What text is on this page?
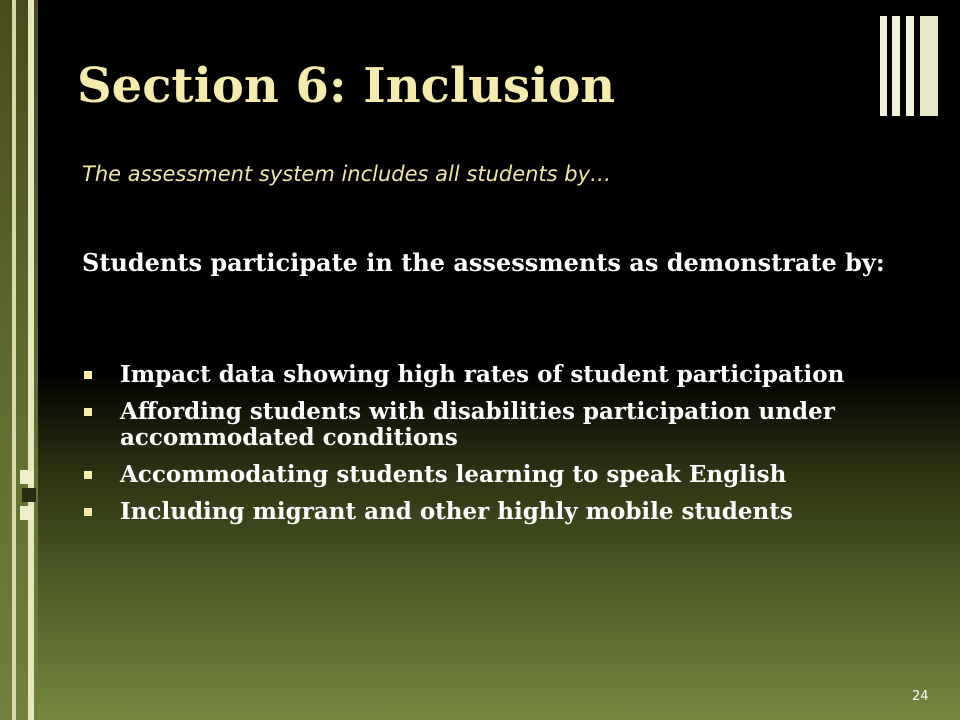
Section 6: Inclusion

The assessment system includes all students by…

Students participate in the assessments as demonstrate by:

Impact data showing high rates of student participation
Affording students with disabilities participation under accommodated conditions
Accommodating students learning to speak English
Including migrant and other highly mobile students

24
